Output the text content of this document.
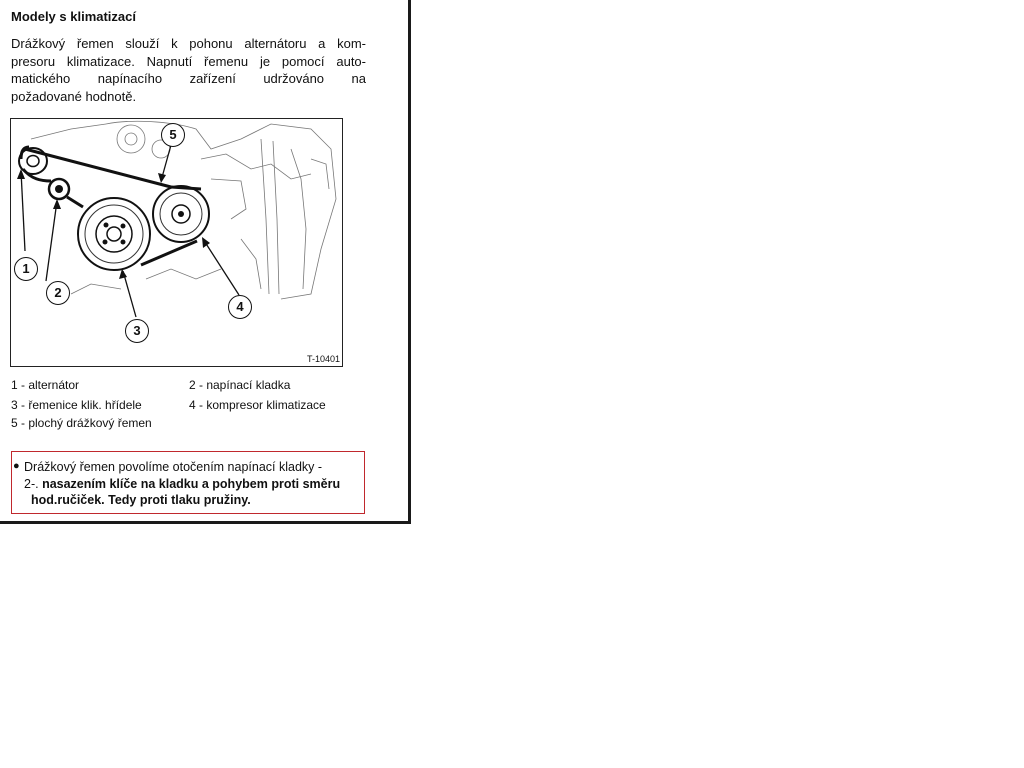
Modely s klimatizací
Drážkový řemen slouží k pohonu alternátoru a kom-
presoru klimatizace. Napnutí řemenu je pomocí auto-
matického napínacího zařízení udržováno na
požadované hodnotě.
1
2
3
4
5
T-10401
1 - alternátor	2 - napínací kladka
3 - řemenice klik. hřídele	4 - kompresor klimatizace
5 - plochý drážkový řemen
● Drážkový řemen povolíme otočením napínací kladky -
2-. nasazením klíče na kladku a pohybem proti směru
hod.ručiček. Tedy proti tlaku pružiny.
